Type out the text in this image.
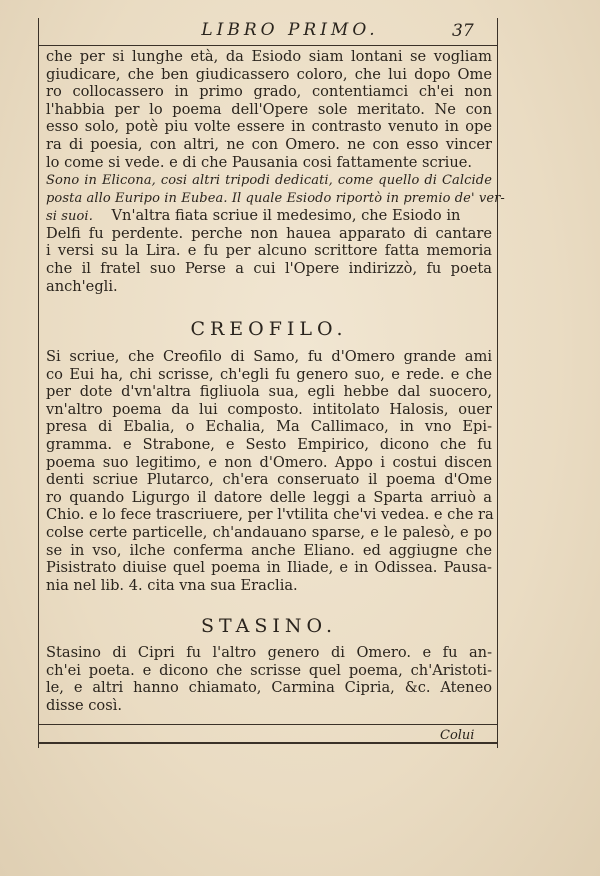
LIBRO PRIMO.	37
che per si lunghe età, da Esiodo siam lontani se vogliam
giudicare, che ben giudicassero coloro, che lui dopo Ome
ro collocassero in primo grado, contentiamci ch'ei non
l'habbia per lo poema dell'Opere sole meritato. Ne con
esso solo, potè piu volte essere in contrasto venuto in ope
ra di poesia, con altri, ne con Omero. ne con esso vincer
lo come si vede. e di che Pausania cosi fattamente scriue.
Sono in Elicona, cosi altri tripodi dedicati, come quello di Calcide
posta allo Euripo in Eubea. Il quale Esiodo riportò in premio de' ver-
si suoi. Vn'altra fiata scriue il medesimo, che Esiodo in
Delfi fu perdente. perche non hauea apparato di cantare
i versi su la Lira. e fu per alcuno scrittore fatta memoria
che il fratel suo Perse a cui l'Opere indirizzò, fu poeta
anch'egli.
CREOFILO.
Si scriue, che Creofilo di Samo, fu d'Omero grande ami
co Eui ha, chi scrisse, ch'egli fu genero suo, e rede. e che
per dote d'vn'altra figliuola sua, egli hebbe dal suocero,
vn'altro poema da lui composto. intitolato Halosis, ouer
presa di Ebalia, o Echalia, Ma Callimaco, in vno Epi-
gramma. e Strabone, e Sesto Empirico, dicono che fu
poema suo legitimo, e non d'Omero. Appo i costui discen
denti scriue Plutarco, ch'era conseruato il poema d'Ome
ro quando Ligurgo il datore delle leggi a Sparta arriuò a
Chio. e lo fece trascriuere, per l'vtilita che'vi vedea. e che ra
colse certe particelle, ch'andauano sparse, e le palesò, e po
se in vso, ilche conferma anche Eliano. ed aggiugne che
Pisistrato diuise quel poema in Iliade, e in Odissea. Pausa-
nia nel lib. 4. cita vna sua Eraclia.
STASINO.
Stasino di Cipri fu l'altro genero di Omero. e fu an-
ch'ei poeta. e dicono che scrisse quel poema, ch'Aristoti-
le, e altri hanno chiamato, Carmina Cipria, &c. Ateneo
disse così.
Colui
